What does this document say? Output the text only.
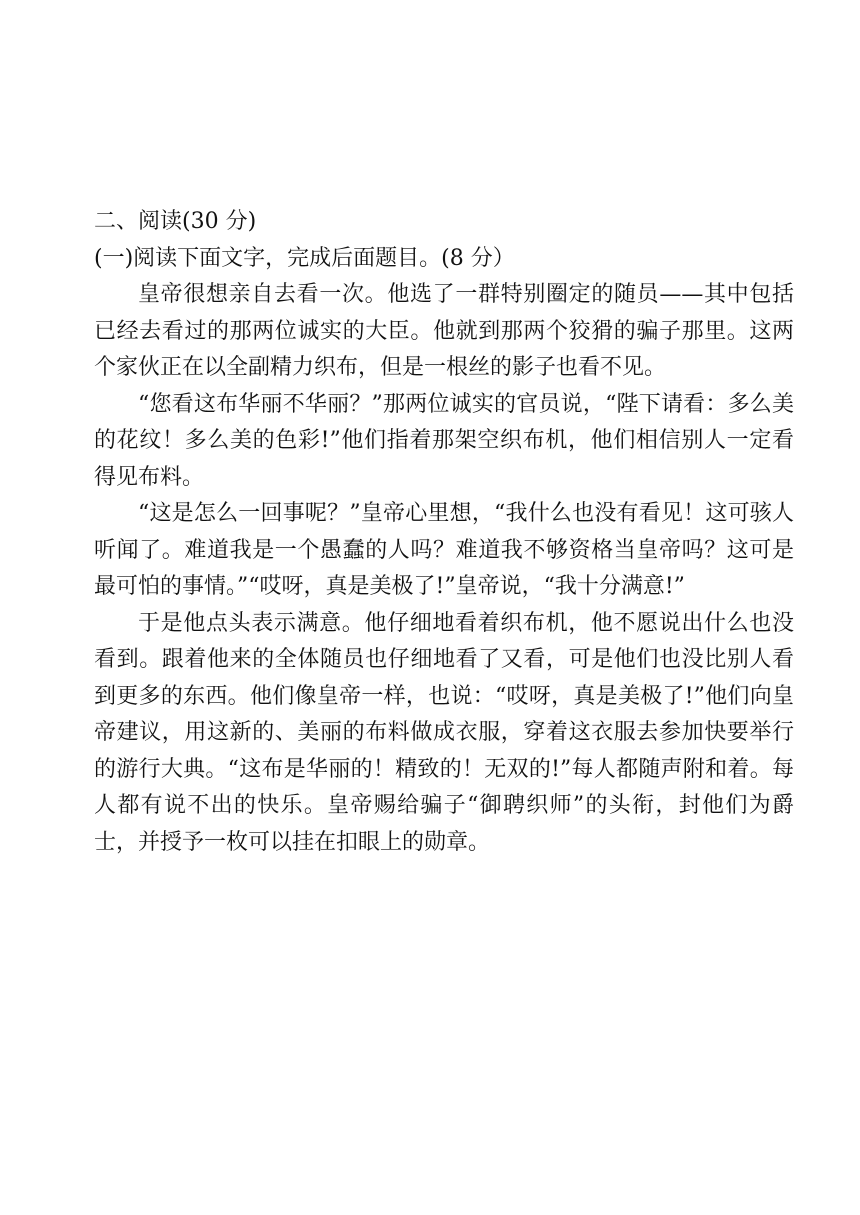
二、阅读(30 分)

(一)阅读下面文字，完成后面题目。(8 分）

皇帝很想亲自去看一次。他选了一群特别圈定的随员——其中包括已经去看过的那两位诚实的大臣。他就到那两个狡猾的骗子那里。这两个家伙正在以全副精力织布，但是一根丝的影子也看不见。

“您看这布华丽不华丽？”那两位诚实的官员说，“陛下请看：多么美的花纹！多么美的色彩!”他们指着那架空织布机，他们相信别人一定看得见布料。

“这是怎么一回事呢？”皇帝心里想，“我什么也没有看见！这可骇人听闻了。难道我是一个愚蠢的人吗？难道我不够资格当皇帝吗？这可是最可怕的事情。”“哎呀，真是美极了!”皇帝说，“我十分满意!”

于是他点头表示满意。他仔细地看着织布机，他不愿说出什么也没看到。跟着他来的全体随员也仔细地看了又看，可是他们也没比别人看到更多的东西。他们像皇帝一样，也说：“哎呀，真是美极了!”他们向皇帝建议，用这新的、美丽的布料做成衣服，穿着这衣服去参加快要举行的游行大典。“这布是华丽的！精致的！无双的!”每人都随声附和着。每人都有说不出的快乐。皇帝赐给骗子“御聘织师”的头衔，封他们为爵士，并授予一枚可以挂在扣眼上的勋章。
